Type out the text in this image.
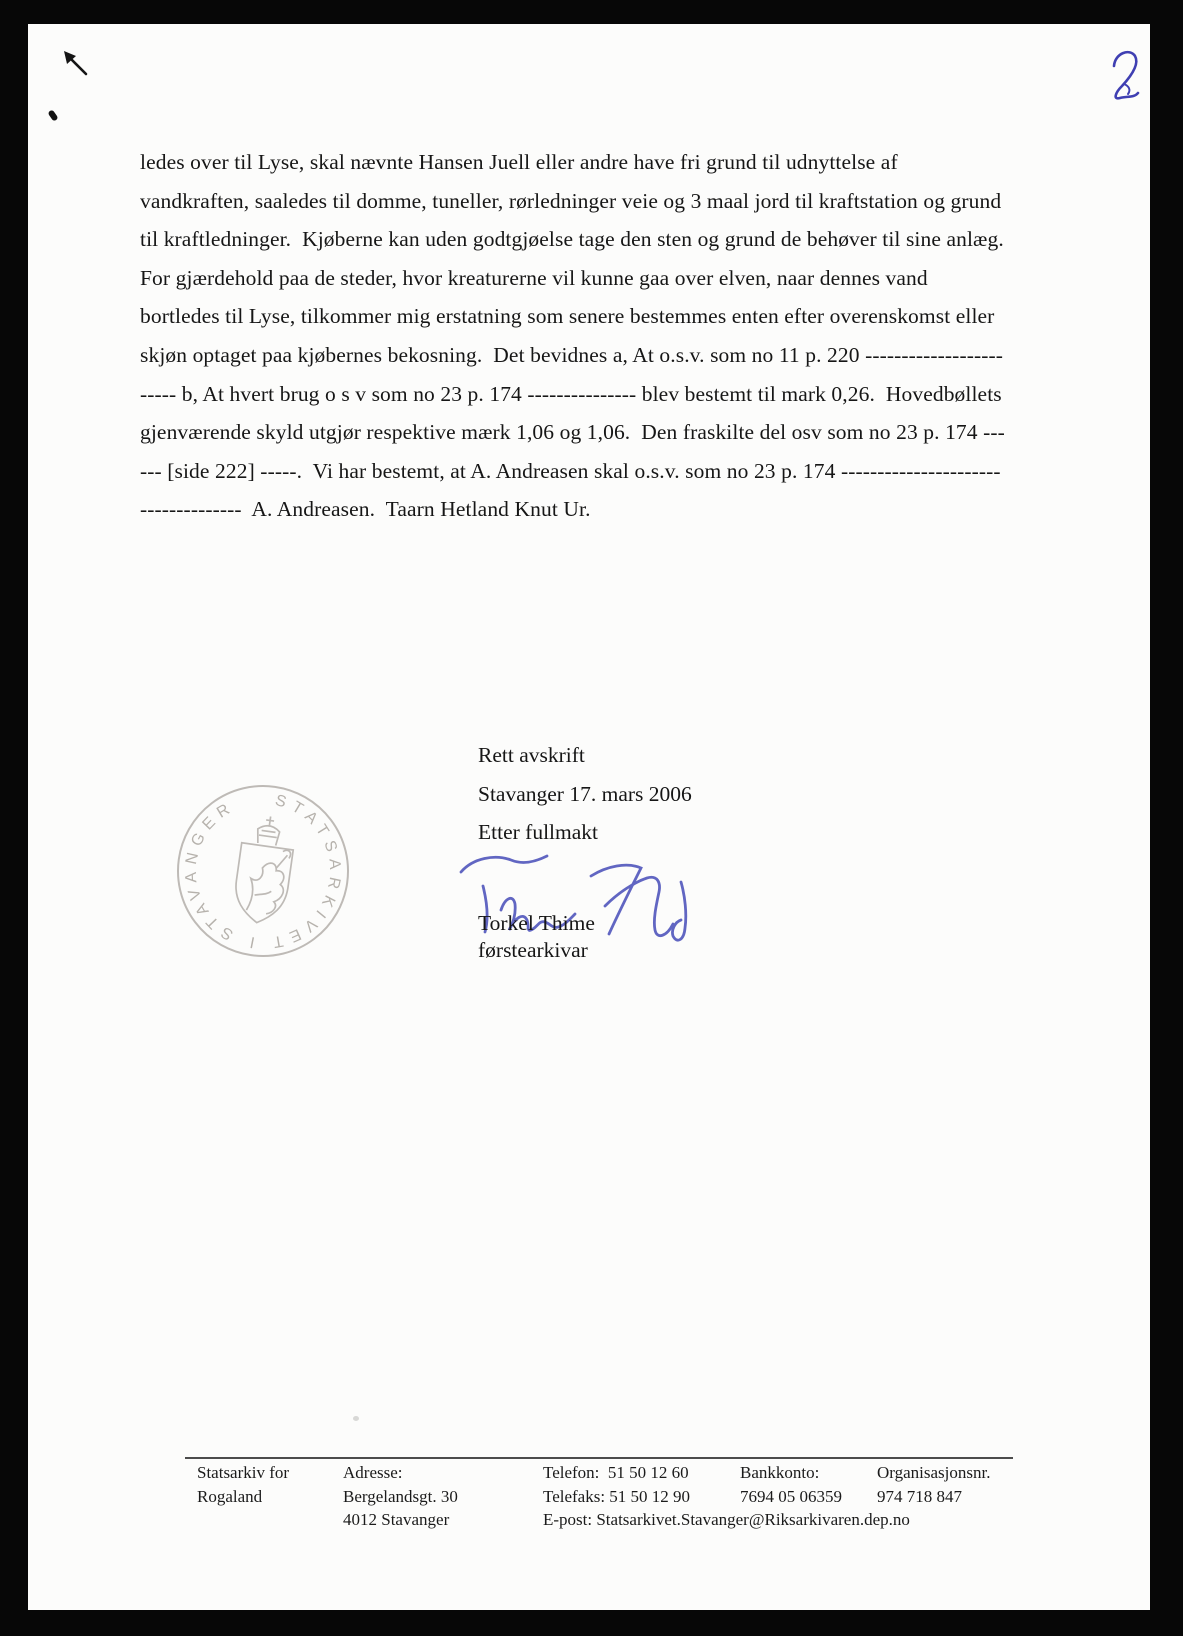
ledes over til Lyse, skal nævnte Hansen Juell eller andre have fri grund til udnyttelse af
vandkraften, saaledes til domme, tuneller, rørledninger veie og 3 maal jord til kraftstation og grund
til kraftledninger.  Kjøberne kan uden godtgjøelse tage den sten og grund de behøver til sine anlæg.
For gjærdehold paa de steder, hvor kreaturerne vil kunne gaa over elven, naar dennes vand
bortledes til Lyse, tilkommer mig erstatning som senere bestemmes enten efter overenskomst eller
skjøn optaget paa kjøbernes bekosning.  Det bevidnes a, At o.s.v. som no 11 p. 220 -------------------
----- b, At hvert brug o s v som no 23 p. 174 --------------- blev bestemt til mark 0,26.  Hovedbøllets
gjenværende skyld utgjør respektive mærk 1,06 og 1,06.  Den fraskilte del osv som no 23 p. 174 ---
--- [side 222] -----.  Vi har bestemt, at A. Andreasen skal o.s.v. som no 23 p. 174 ----------------------
--------------  A. Andreasen.  Taarn Hetland Knut Ur.
STATSARKIVET I STAVANGER
Rett avskrift
Stavanger 17. mars 2006
Etter fullmakt
Torkel Thime
førstearkivar
Statsarkiv for
Rogaland
Adresse:
Bergelandsgt. 30
4012 Stavanger
Telefon:  51 50 12 60
Telefaks: 51 50 12 90
E-post: Statsarkivet.Stavanger@Riksarkivaren.dep.no
Bankkonto:
7694 05 06359
Organisasjonsnr.
974 718 847
